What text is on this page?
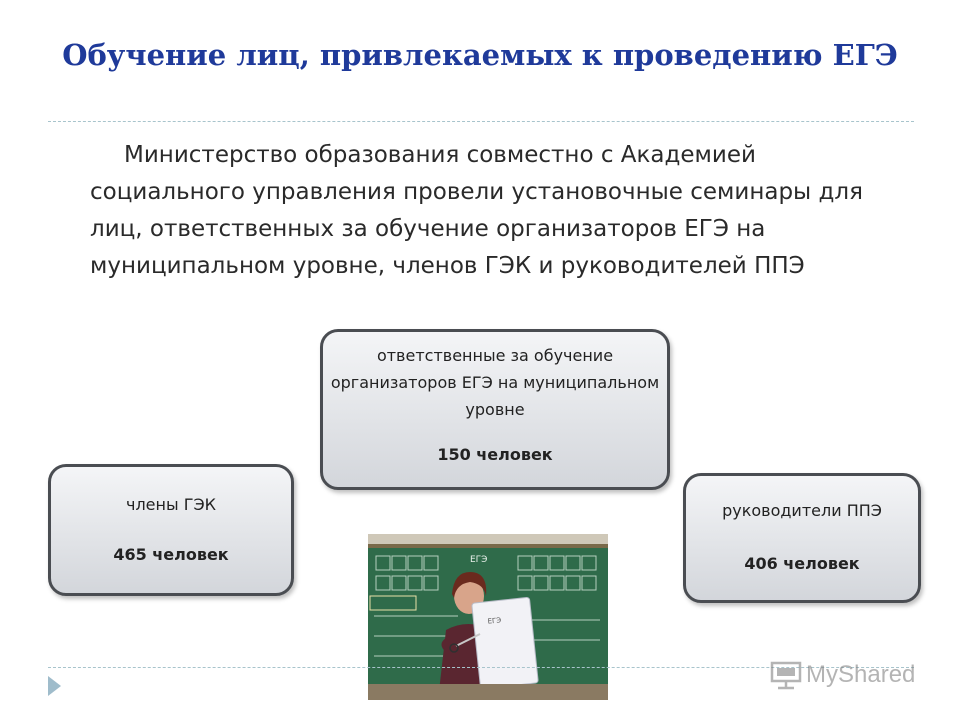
Обучение лиц, привлекаемых к проведению ЕГЭ

Министерство образования совместно с Академией социального управления провели установочные семинары для лиц, ответственных за обучение организаторов ЕГЭ на муниципальном уровне, членов ГЭК и руководителей ППЭ

ответственные за обучение организаторов ЕГЭ на муниципальном уровне
150 человек
члены ГЭК
465 человек
руководители ППЭ
406 человек
ЕГЭ
ЕГЭ
MyShared
